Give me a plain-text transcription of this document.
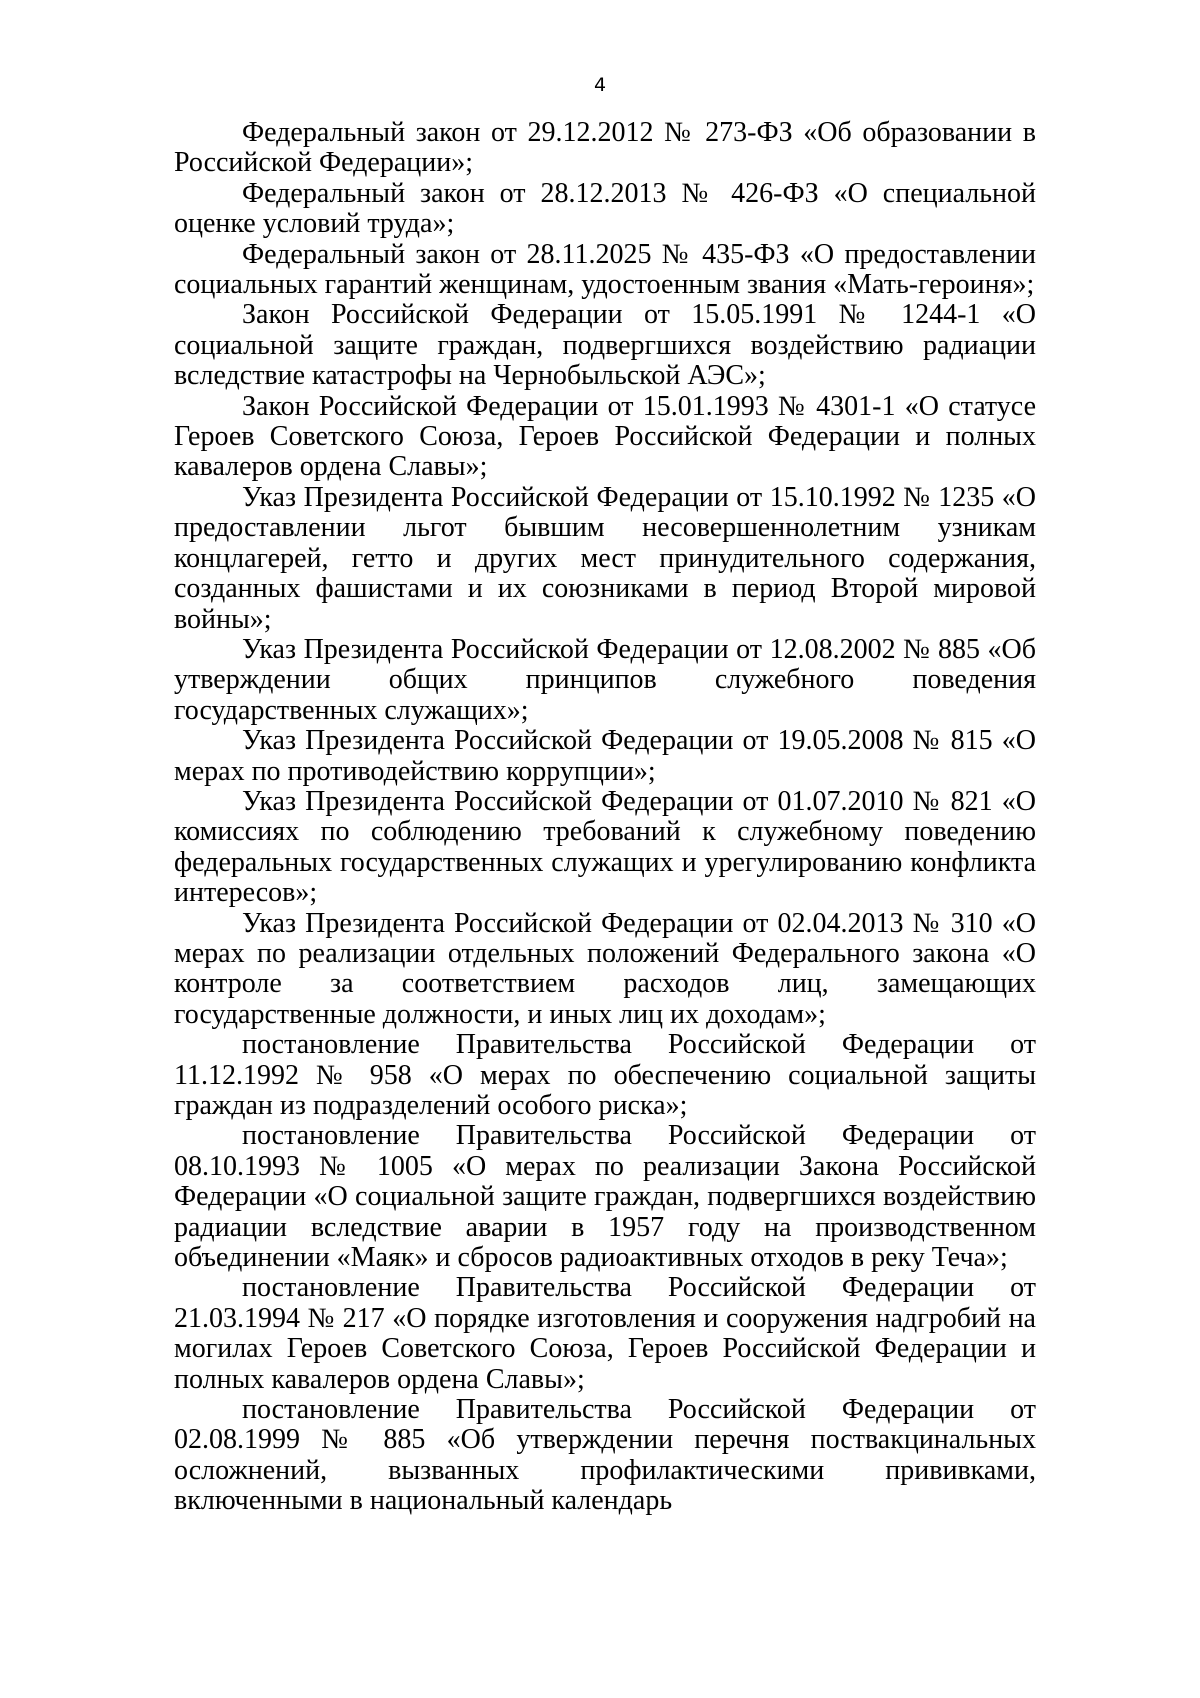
4

Федеральный закон от 29.12.2012 № 273-ФЗ «Об образовании в Российской Федерации»;

Федеральный закон от 28.12.2013 № 426-ФЗ «О специальной оценке условий труда»;

Федеральный закон от 28.11.2025 № 435-ФЗ «О предоставлении социальных гарантий женщинам, удостоенным звания «Мать-героиня»;

Закон Российской Федерации от 15.05.1991 № 1244-1 «О социальной защите граждан, подвергшихся воздействию радиации вследствие катастрофы на Чернобыльской АЭС»;

Закон Российской Федерации от 15.01.1993 № 4301-1 «О статусе Героев Советского Союза, Героев Российской Федерации и полных кавалеров ордена Славы»;

Указ Президента Российской Федерации от 15.10.1992 № 1235 «О предоставлении льгот бывшим несовершеннолетним узникам концлагерей, гетто и других мест принудительного содержания, созданных фашистами и их союзниками в период Второй мировой войны»;

Указ Президента Российской Федерации от 12.08.2002 № 885 «Об утверждении общих принципов служебного поведения государственных служащих»;

Указ Президента Российской Федерации от 19.05.2008 № 815 «О мерах по противодействию коррупции»;

Указ Президента Российской Федерации от 01.07.2010 № 821 «О комиссиях по соблюдению требований к служебному поведению федеральных государственных служащих и урегулированию конфликта интересов»;

Указ Президента Российской Федерации от 02.04.2013 № 310 «О мерах по реализации отдельных положений Федерального закона «О контроле за соответствием расходов лиц, замещающих государственные должности, и иных лиц их доходам»;

постановление Правительства Российской Федерации от 11.12.1992 № 958 «О мерах по обеспечению социальной защиты граждан из подразделений особого риска»;

постановление Правительства Российской Федерации от 08.10.1993 № 1005 «О мерах по реализации Закона Российской Федерации «О социальной защите граждан, подвергшихся воздействию радиации вследствие аварии в 1957 году на производственном объединении «Маяк» и сбросов радиоактивных отходов в реку Теча»;

постановление Правительства Российской Федерации от 21.03.1994 № 217 «О порядке изготовления и сооружения надгробий на могилах Героев Советского Союза, Героев Российской Федерации и полных кавалеров ордена Славы»;

постановление Правительства Российской Федерации от 02.08.1999 № 885 «Об утверждении перечня поствакцинальных осложнений, вызванных профилактическими прививками, включенными в национальный календарь
